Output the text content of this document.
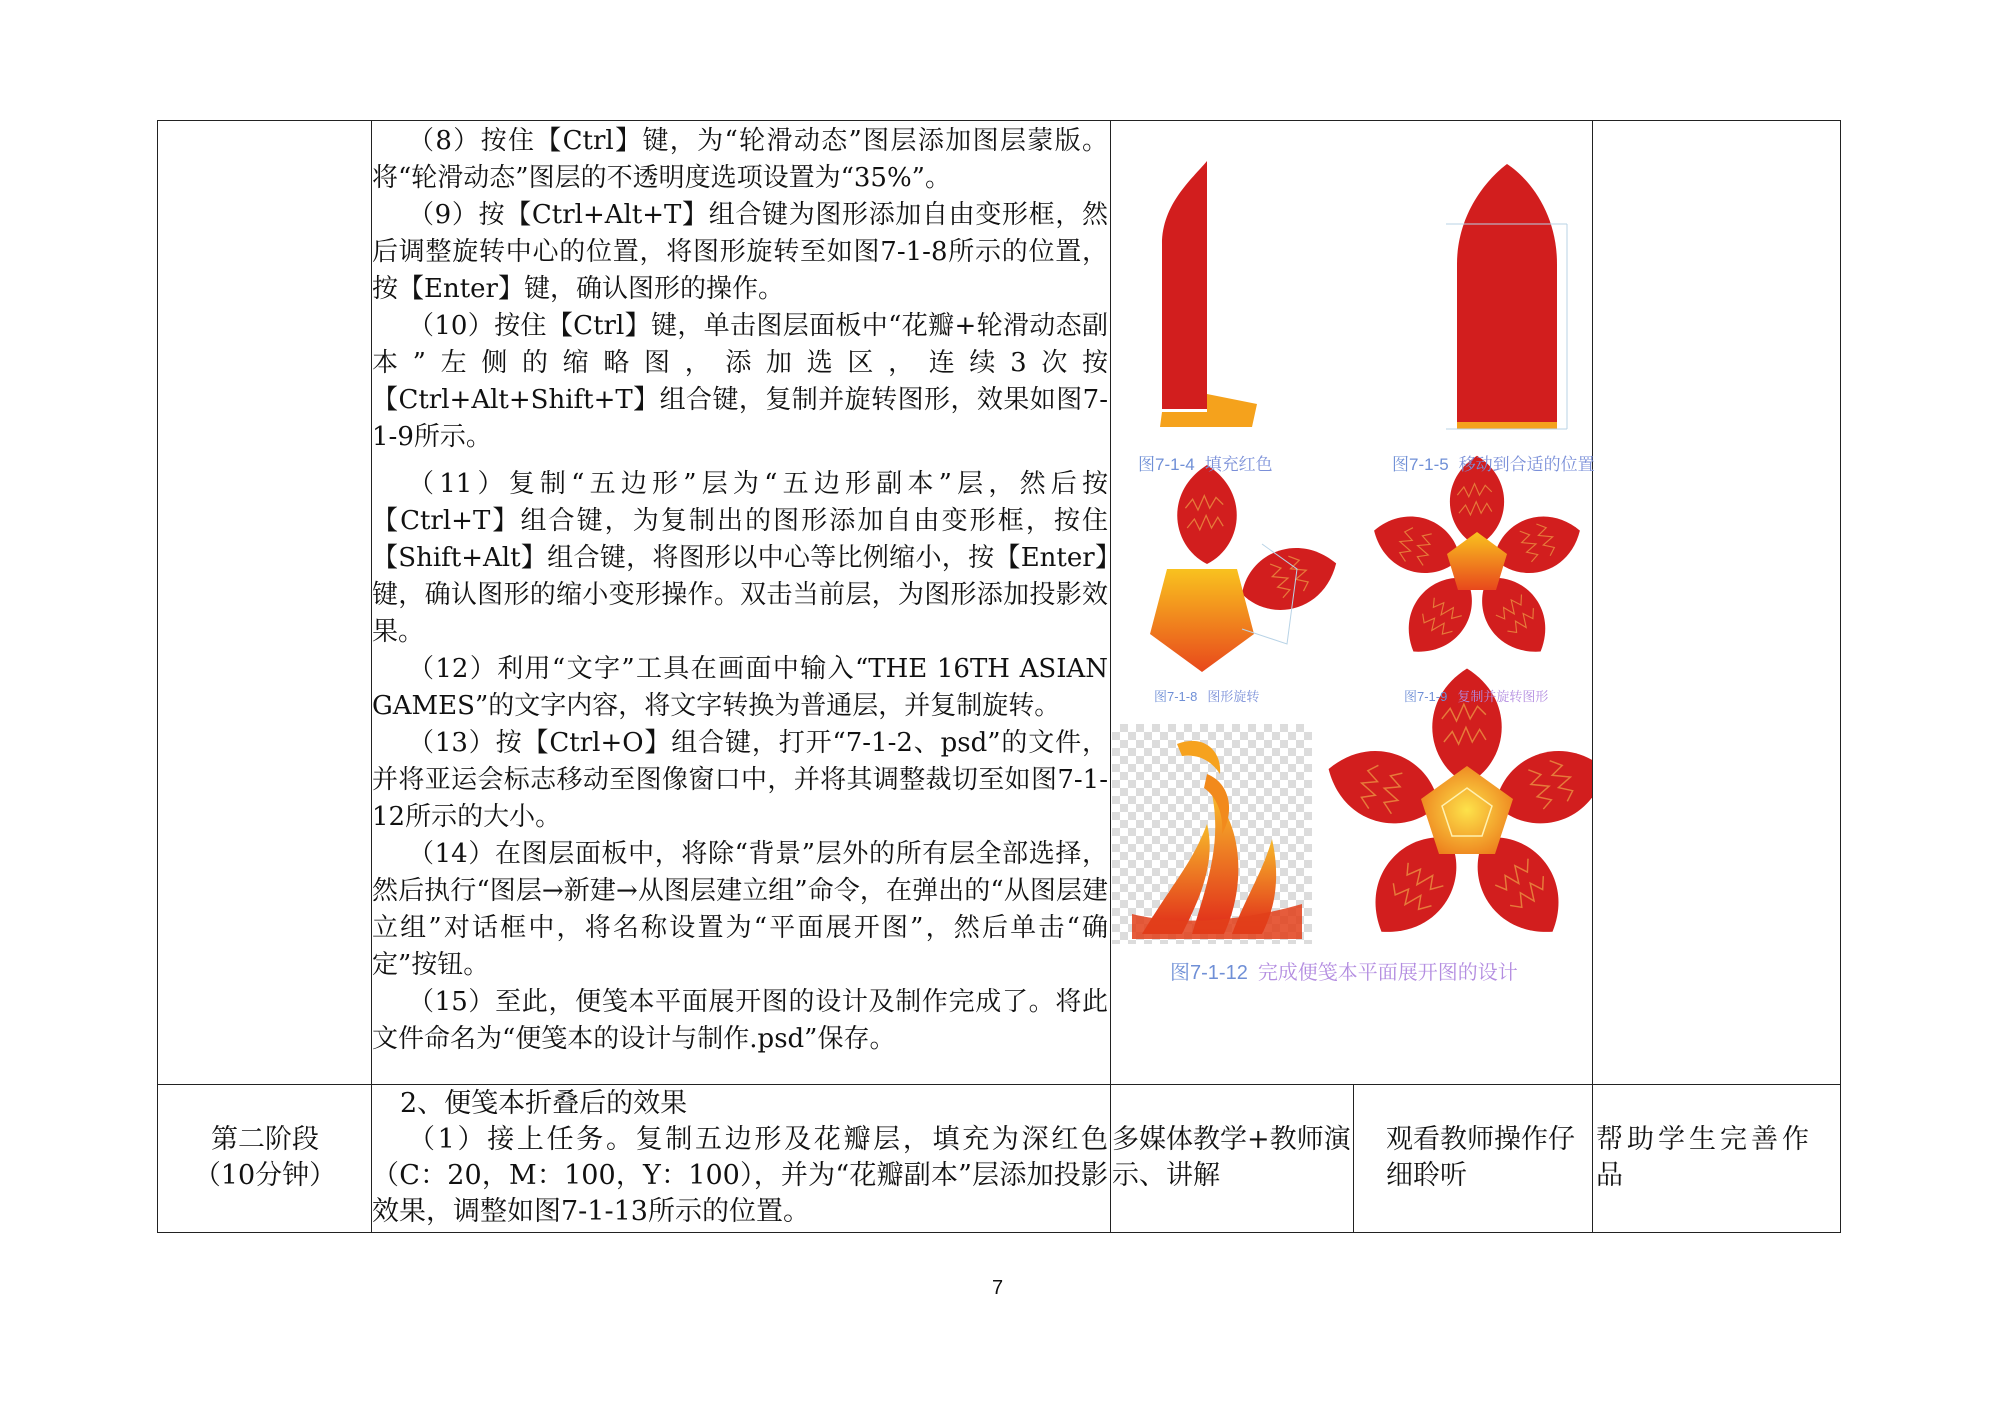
（8）按住【Ctrl】键，为“轮滑动态”图层添加图层蒙版。将“轮滑动态”图层的不透明度选项设置为“35%”。

（9）按【Ctrl+Alt+T】组合键为图形添加自由变形框，然后调整旋转中心的位置，将图形旋转至如图7-1-8所示的位置，按【Enter】键，确认图形的操作。

（10）按住【Ctrl】键，单击图层面板中“花瓣+轮滑动态副本”左侧的缩略图，添加选区，连续3次按【Ctrl+Alt+Shift+T】组合键，复制并旋转图形，效果如图7-1-9所示。

（11）复制“五边形”层为“五边形副本”层，然后按【Ctrl+T】组合键，为复制出的图形添加自由变形框，按住【Shift+Alt】组合键，将图形以中心等比例缩小，按【Enter】键，确认图形的缩小变形操作。双击当前层，为图形添加投影效果。

（12）利用“文字”工具在画面中输入“THE 16TH ASIAN GAMES”的文字内容，将文字转换为普通层，并复制旋转。

（13）按【Ctrl+O】组合键，打开“7-1-2、psd”的文件，并将亚运会标志移动至图像窗口中，并将其调整裁切至如图7-1-12所示的大小。

（14）在图层面板中，将除“背景”层外的所有层全部选择，然后执行“图层→新建→从图层建立组”命令，在弹出的“从图层建立组”对话框中，将名称设置为“平面展开图”，然后单击“确定”按钮。

（15）至此，便笺本平面展开图的设计及制作完成了。将此文件命名为“便笺本的设计与制作.psd”保存。

图7-1-4 填充红色	图7-1-5 移动到合适的位置
图7-1-8 图形旋转	图7-1-9 复制并旋转图形
图7-1-12 完成便笺本平面展开图的设计
第二阶段
（10分钟）

2、便笺本折叠后的效果

（1）接上任务。复制五边形及花瓣层，填充为深红色（C：20，M：100，Y：100），并为“花瓣副本”层添加投影效果，调整如图7-1-13所示的位置。

多媒体教学+教师演示、讲解
观看教师操作仔细聆听
帮助学生完善作品
7
